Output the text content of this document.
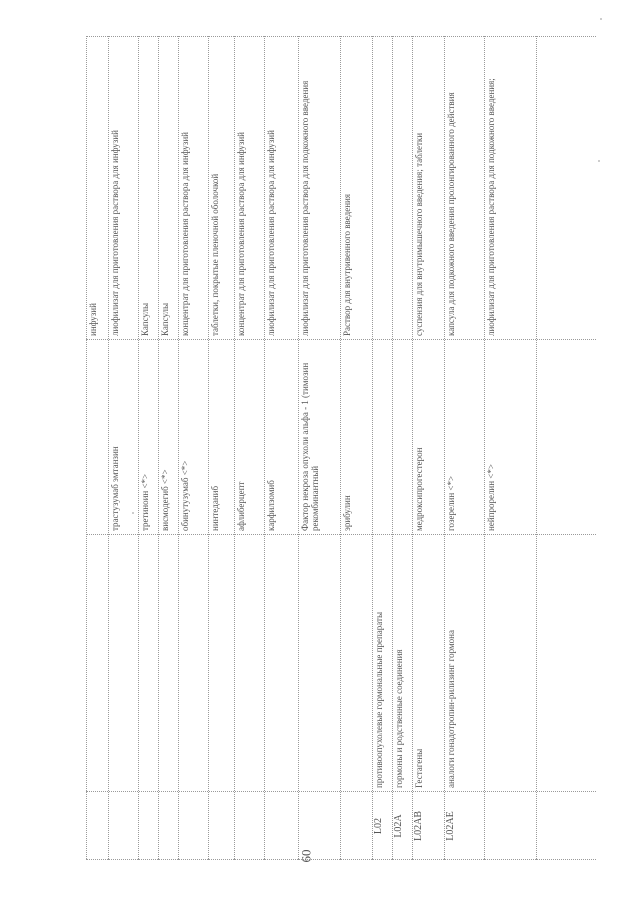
инфузий
трастузумаб эмтанзин
лиофилизат для приготовления раствора для инфузий
третиноин <*>
Капсулы
висмодегиб <*>
Капсулы
обинутузумаб <*>
концентрат для приготовления раствора для инфузий
нинтеданиб
таблетки, покрытые пленочной оболочкой
афлиберцепт
концентрат для приготовления раствора для инфузий
карфилзомиб
лиофилизат для приготовления раствора для инфузий
Фактор некроза опухоли альфа - 1 (тимозин рекомбинантный
лиофилизат для приготовления раствора для подкожного введения
эрибулин
Раствор для внутривенного введения
L02
противоопухолевые гормональные препараты
L02A
гормоны и родственные соединения
L02AB
Гестагены
медроксипрогестерон
суспензия для внутримышечного введения; таблетки
L02AE
аналоги гонадотропин-рилизинг гормона
гозерелин <*>
капсула для подкожного введения пролонгированного действия
нейпрорелин <*>
лиофилизат для приготовления раствора для подкожного введения;
60
